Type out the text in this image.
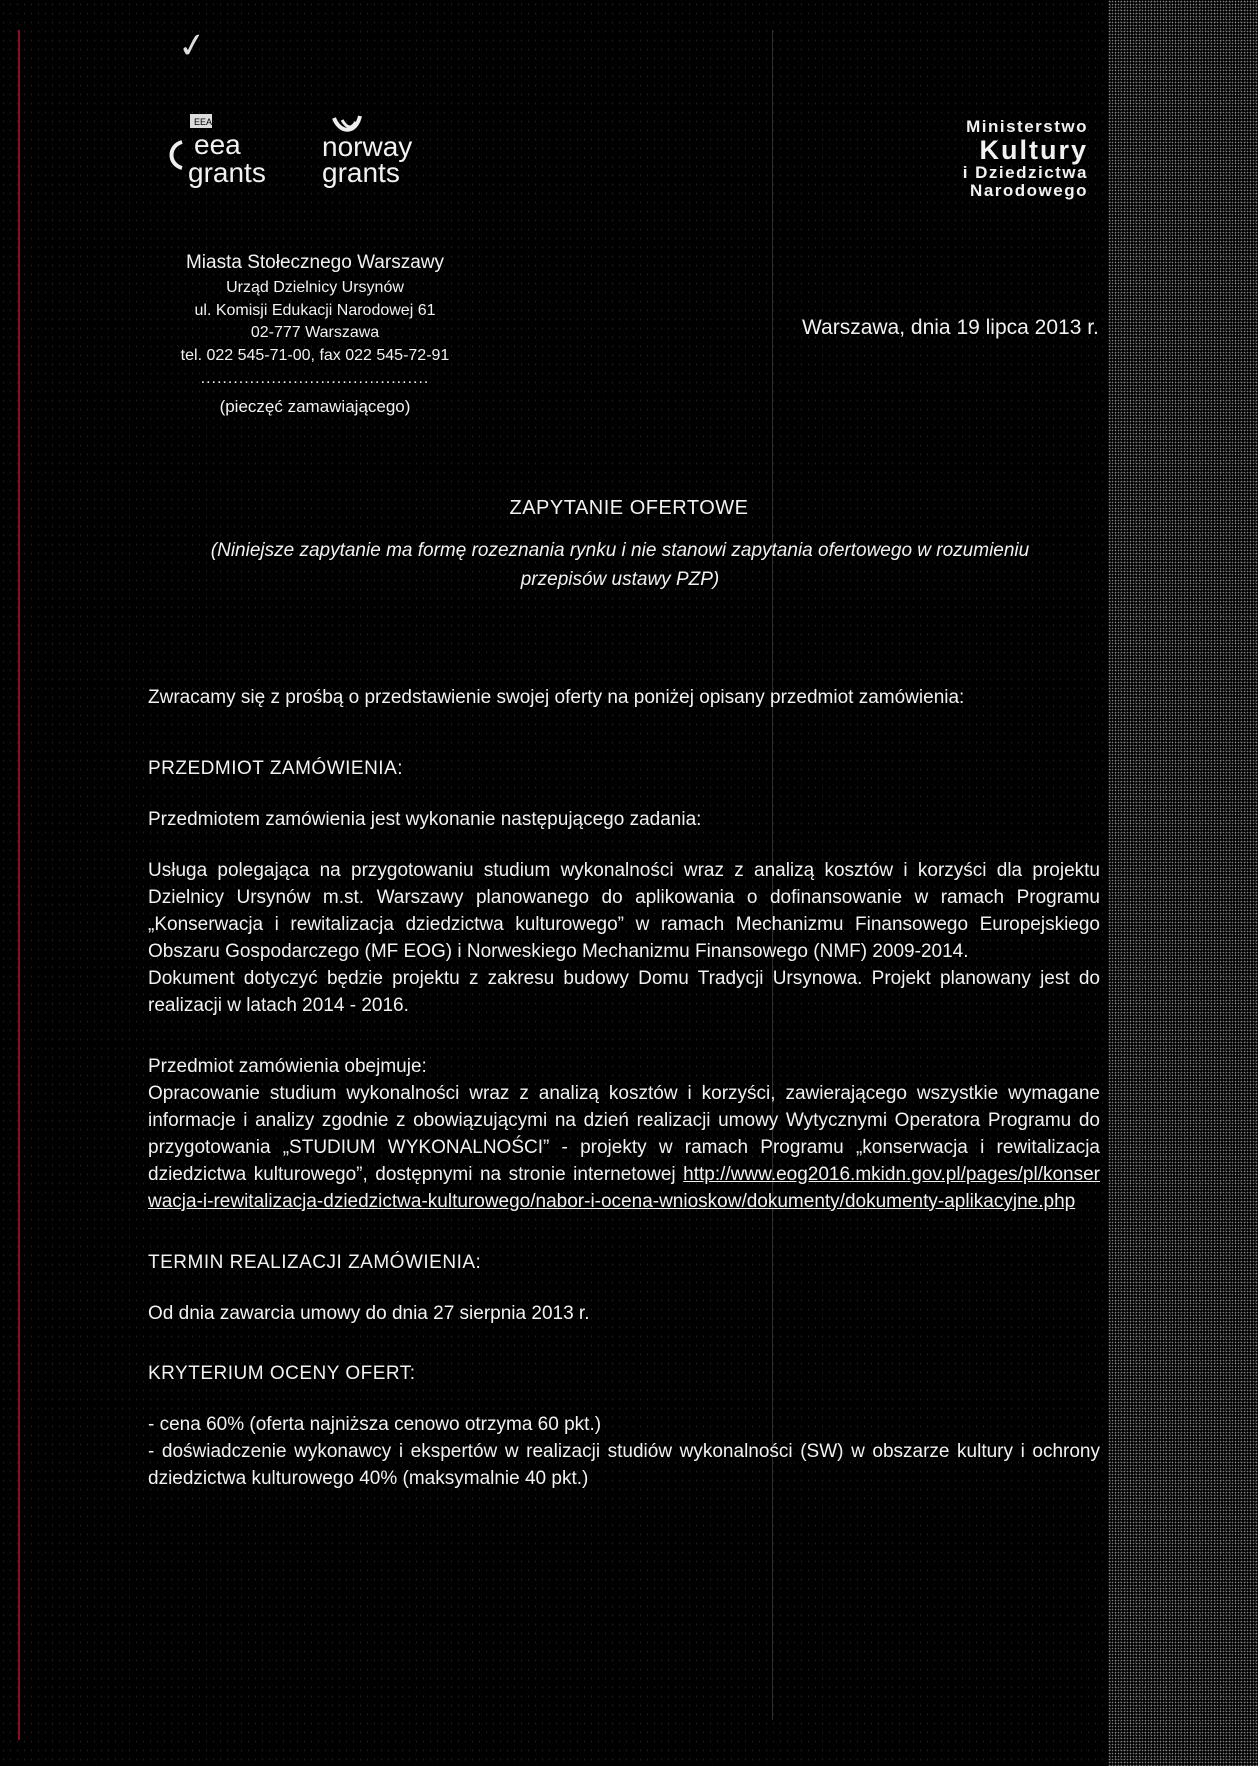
✓
EEA
eea
grants
norway
grants
Ministerstwo
Kultury
i Dziedzictwa
Narodowego
Miasta Stołecznego Warszawy
Urząd Dzielnicy Ursynów
ul. Komisji Edukacji Narodowej 61
02-777 Warszawa
tel. 022 545-71-00, fax 022 545-72-91
..........................................
(pieczęć zamawiającego)
Warszawa, dnia 19 lipca 2013 r.
ZAPYTANIE OFERTOWE
(Niniejsze zapytanie ma formę rozeznania rynku i nie stanowi zapytania ofertowego w rozumieniu przepisów ustawy PZP)

Zwracamy się z prośbą o przedstawienie swojej oferty na poniżej opisany przedmiot zamówienia:

PRZEDMIOT ZAMÓWIENIA:

Przedmiotem zamówienia jest wykonanie następującego zadania:

Usługa polegająca na przygotowaniu studium wykonalności wraz z analizą kosztów i korzyści dla projektu Dzielnicy Ursynów m.st. Warszawy planowanego do aplikowania o dofinansowanie w ramach Programu „Konserwacja i rewitalizacja dziedzictwa kulturowego” w ramach Mechanizmu Finansowego Europejskiego Obszaru Gospodarczego (MF EOG) i Norweskiego Mechanizmu Finansowego (NMF) 2009-2014.

Dokument dotyczyć będzie projektu z zakresu budowy Domu Tradycji Ursynowa. Projekt planowany jest do realizacji w latach 2014 - 2016.

Przedmiot zamówienia obejmuje:

Opracowanie studium wykonalności wraz z analizą kosztów i korzyści, zawierającego wszystkie wymagane informacje i analizy zgodnie z obowiązującymi na dzień realizacji umowy Wytycznymi Operatora Programu do przygotowania „STUDIUM WYKONALNOŚCI” - projekty w ramach Programu „konserwacja i rewitalizacja dziedzictwa kulturowego”, dostępnymi na stronie internetowej http://www.eog2016.mkidn.gov.pl/pages/pl/konserwacja-i-rewitalizacja-dziedzictwa-kulturowego/nabor-i-ocena-wnioskow/dokumenty/dokumenty-aplikacyjne.php

TERMIN REALIZACJI ZAMÓWIENIA:

Od dnia zawarcia umowy do dnia 27 sierpnia 2013 r.

KRYTERIUM OCENY OFERT:

- cena 60% (oferta najniższa cenowo otrzyma 60 pkt.)

- doświadczenie wykonawcy i ekspertów w realizacji studiów wykonalności (SW) w obszarze kultury i ochrony dziedzictwa kulturowego 40% (maksymalnie 40 pkt.)
